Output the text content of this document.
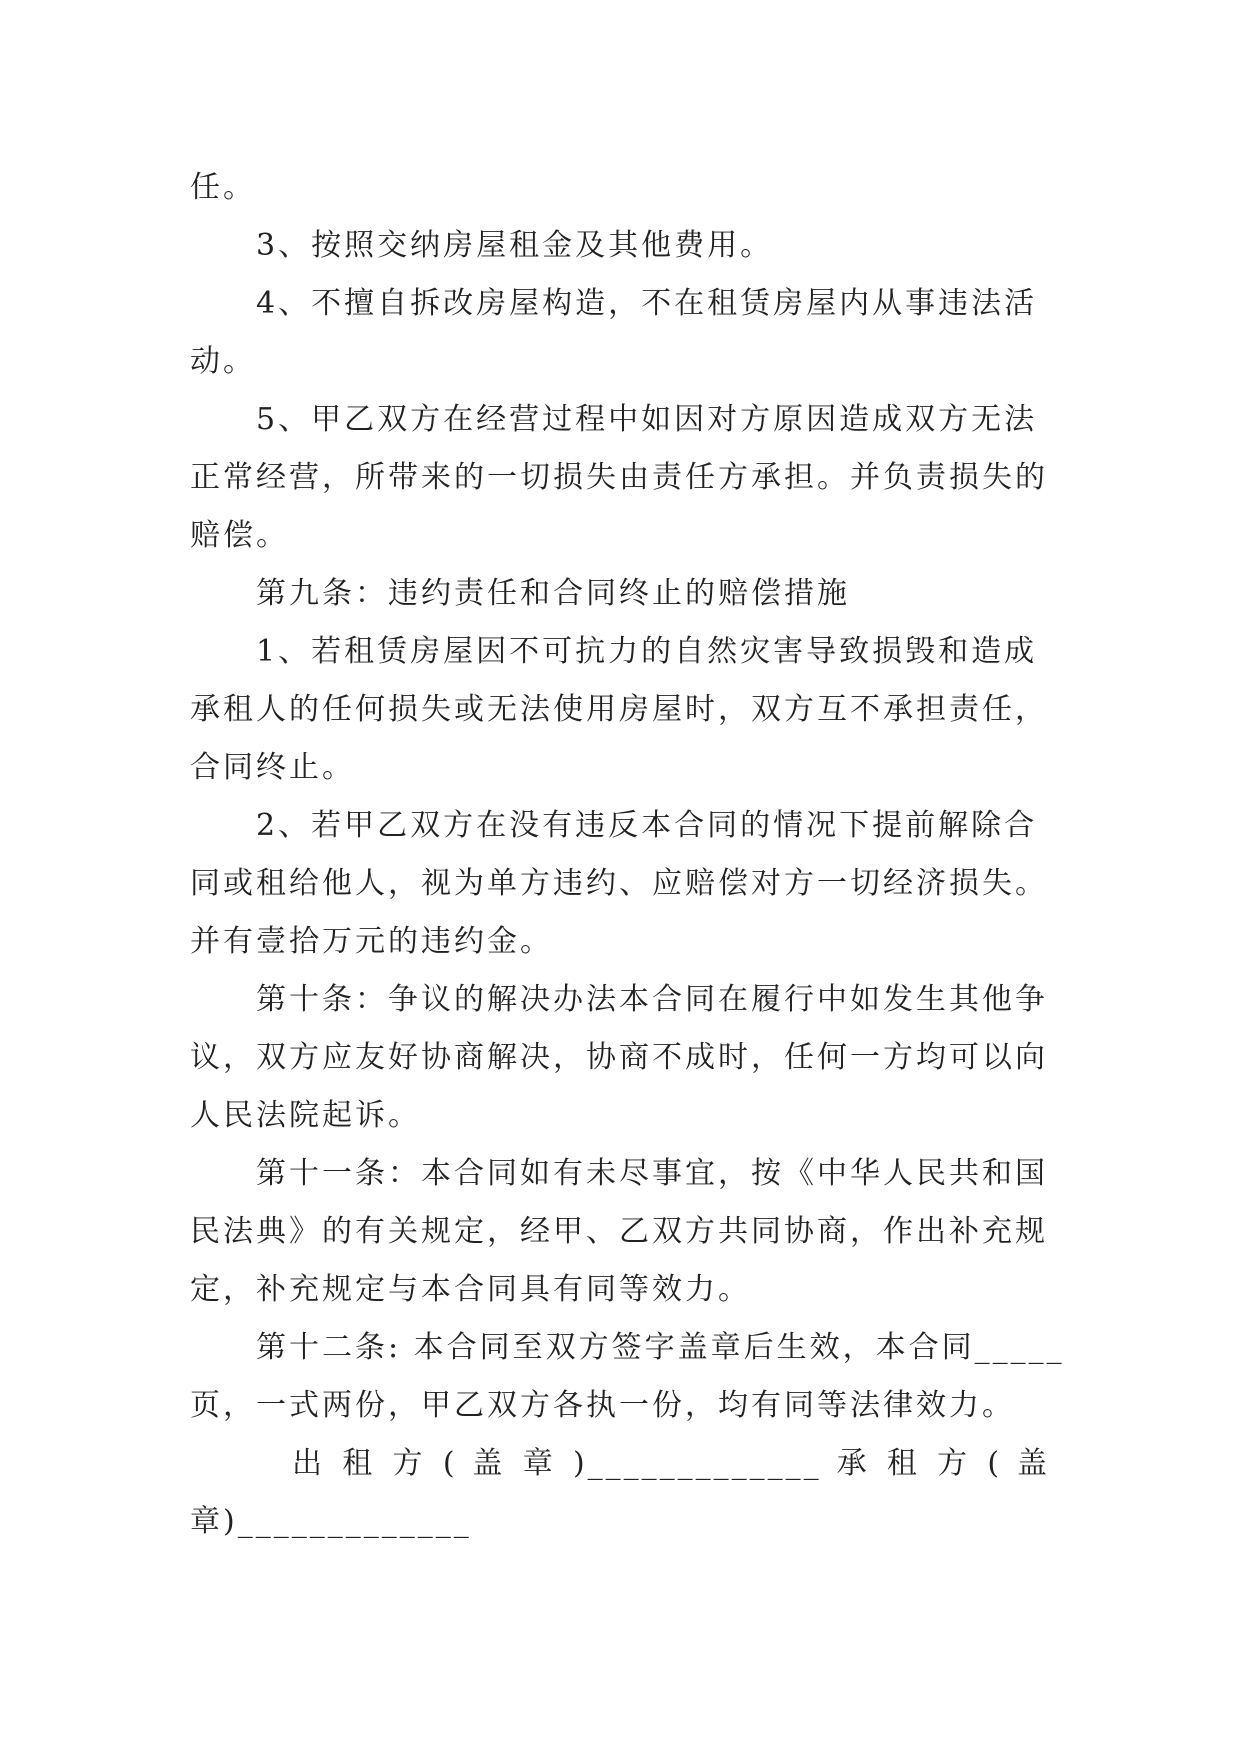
任。
3、按照交纳房屋租金及其他费用。
4、不擅自拆改房屋构造，不在租赁房屋内从事违法活
动。
5、甲乙双方在经营过程中如因对方原因造成双方无法
正常经营，所带来的一切损失由责任方承担。并负责损失的
赔偿。
第九条：违约责任和合同终止的赔偿措施
1、若租赁房屋因不可抗力的自然灾害导致损毁和造成
承租人的任何损失或无法使用房屋时，双方互不承担责任，
合同终止。
2、若甲乙双方在没有违反本合同的情况下提前解除合
同或租给他人，视为单方违约、应赔偿对方一切经济损失。
并有壹拾万元的违约金。
第十条：争议的解决办法本合同在履行中如发生其他争
议，双方应友好协商解决，协商不成时，任何一方均可以向
人民法院起诉。
第十一条：本合同如有未尽事宜，按《中华人民共和国
民法典》的有关规定，经甲、乙双方共同协商，作出补充规
定，补充规定与本合同具有同等效力。
第十二条: 本合同至双方签字盖章后生效，本合同_____
页，一式两份，甲乙双方各执一份，均有同等法律效力。
出 租 方 ( 盖 章 )_____________ 承 租 方 ( 盖
章)_____________
